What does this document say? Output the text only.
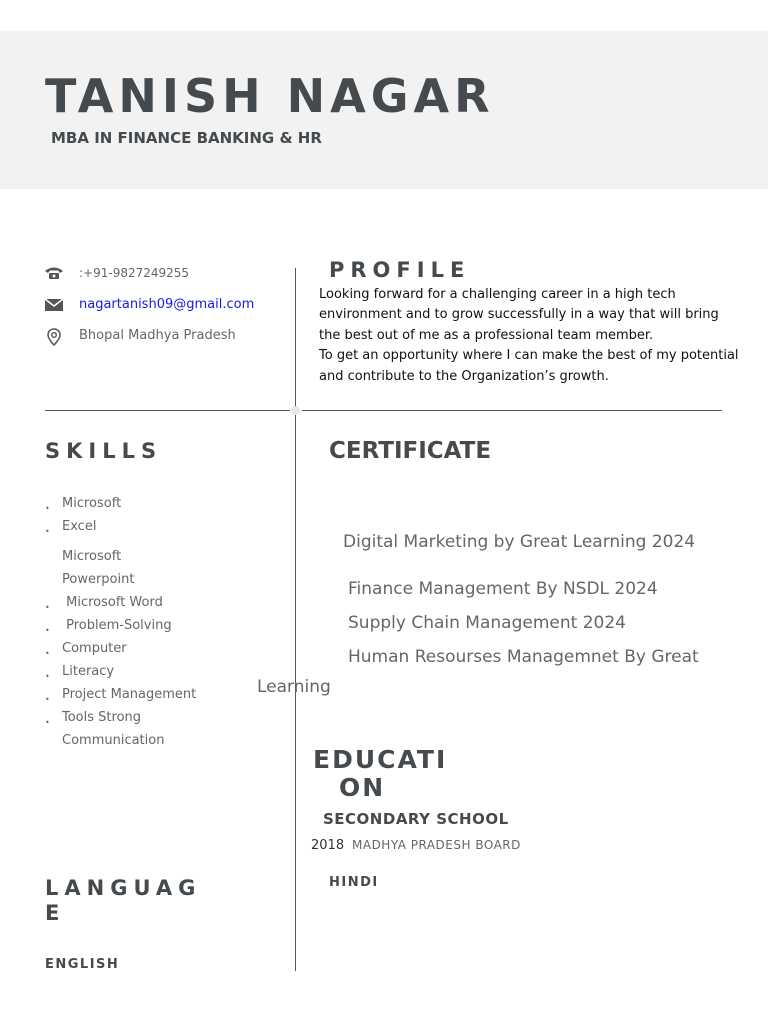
TANISH NAGAR
MBA IN FINANCE BANKING & HR
:+91-9827249255
nagartanish09@gmail.com
Bhopal Madhya Pradesh
PROFILE

Looking forward for a challenging career in a high tech environment and to grow successfully in a way that will bring the best out of me as a professional team member.

To get an opportunity where I can make the best of my potential and contribute to the Organization’s growth.

SKILLS
• Microsoft
• Excel
Microsoft
Powerpoint
•  Microsoft Word
•  Problem-Solving
• Computer
• Literacy
• Project Management
• Tools Strong
Communication
CERTIFICATE
Digital Marketing by Great Learning 2024
Finance Management By NSDL 2024
Supply Chain Management 2024
Human Resourses Managemnet By Great
Learning
EDUCATI
ON
SECONDARY SCHOOL
2018 MADHYA PRADESH BOARD
LANGUAG
E
ENGLISH
HINDI
